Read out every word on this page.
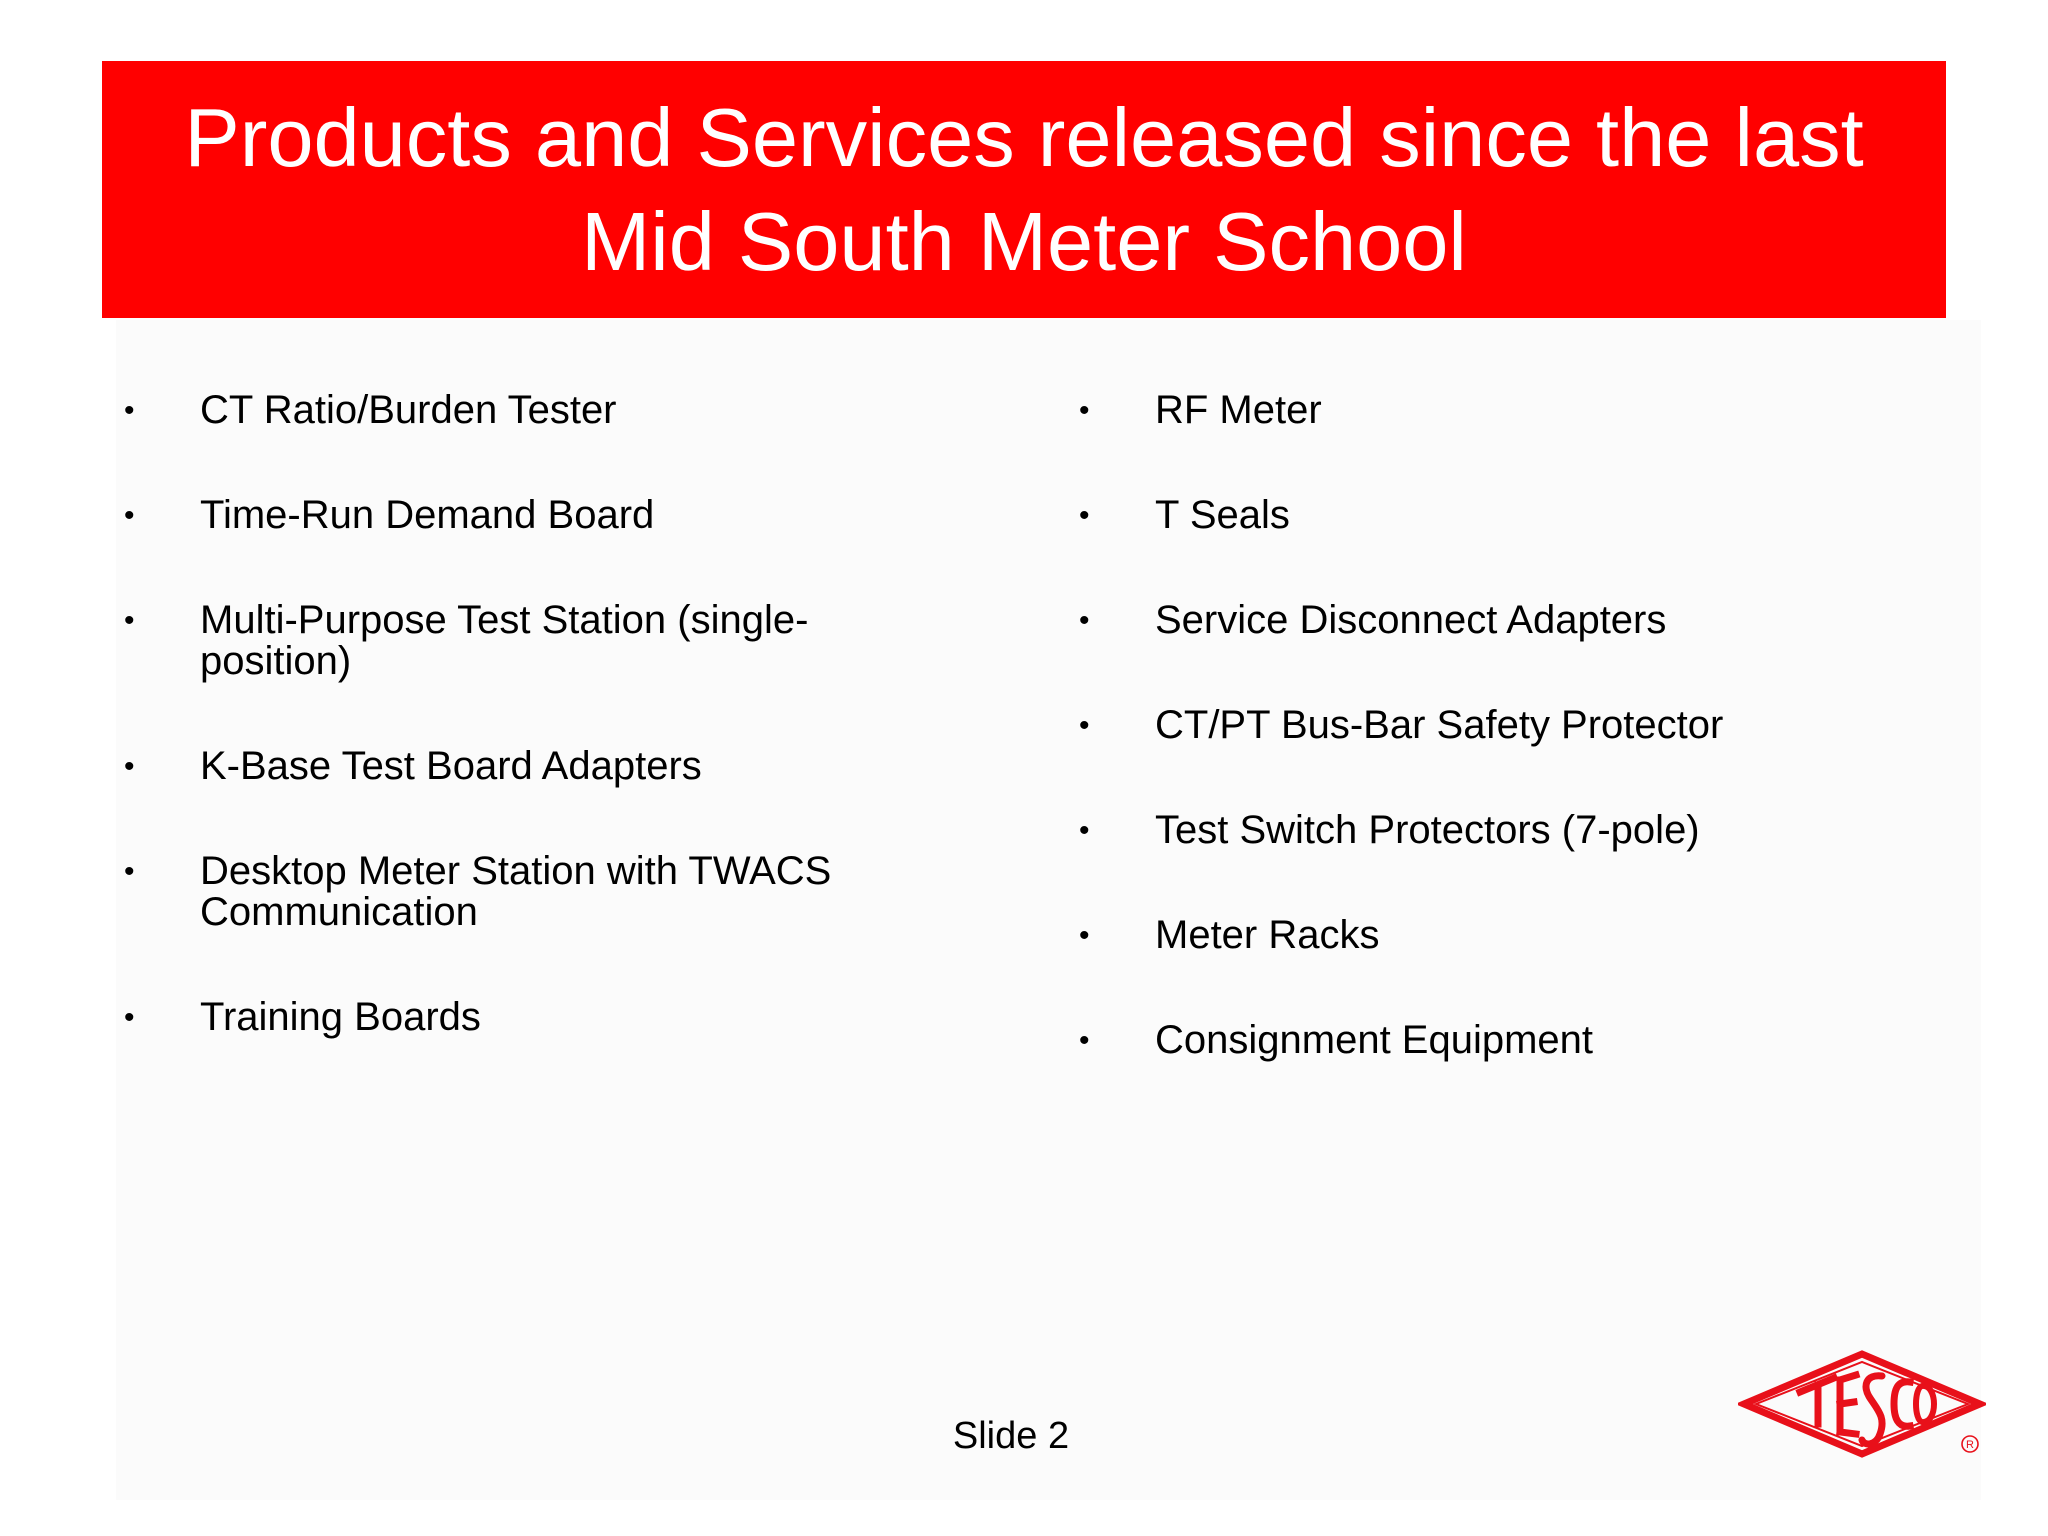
Products and Services released since the last
Mid South Meter School
• CT Ratio/Burden Tester
• Time-Run Demand Board
• Multi-Purpose Test Station (single-
position)
• K-Base Test Board Adapters
• Desktop Meter Station with TWACS
Communication
• Training Boards
• RF Meter
• T Seals
• Service Disconnect Adapters
• CT/PT Bus-Bar Safety Protector
• Test Switch Protectors (7-pole)
• Meter Racks
• Consignment Equipment
Slide 2	R
